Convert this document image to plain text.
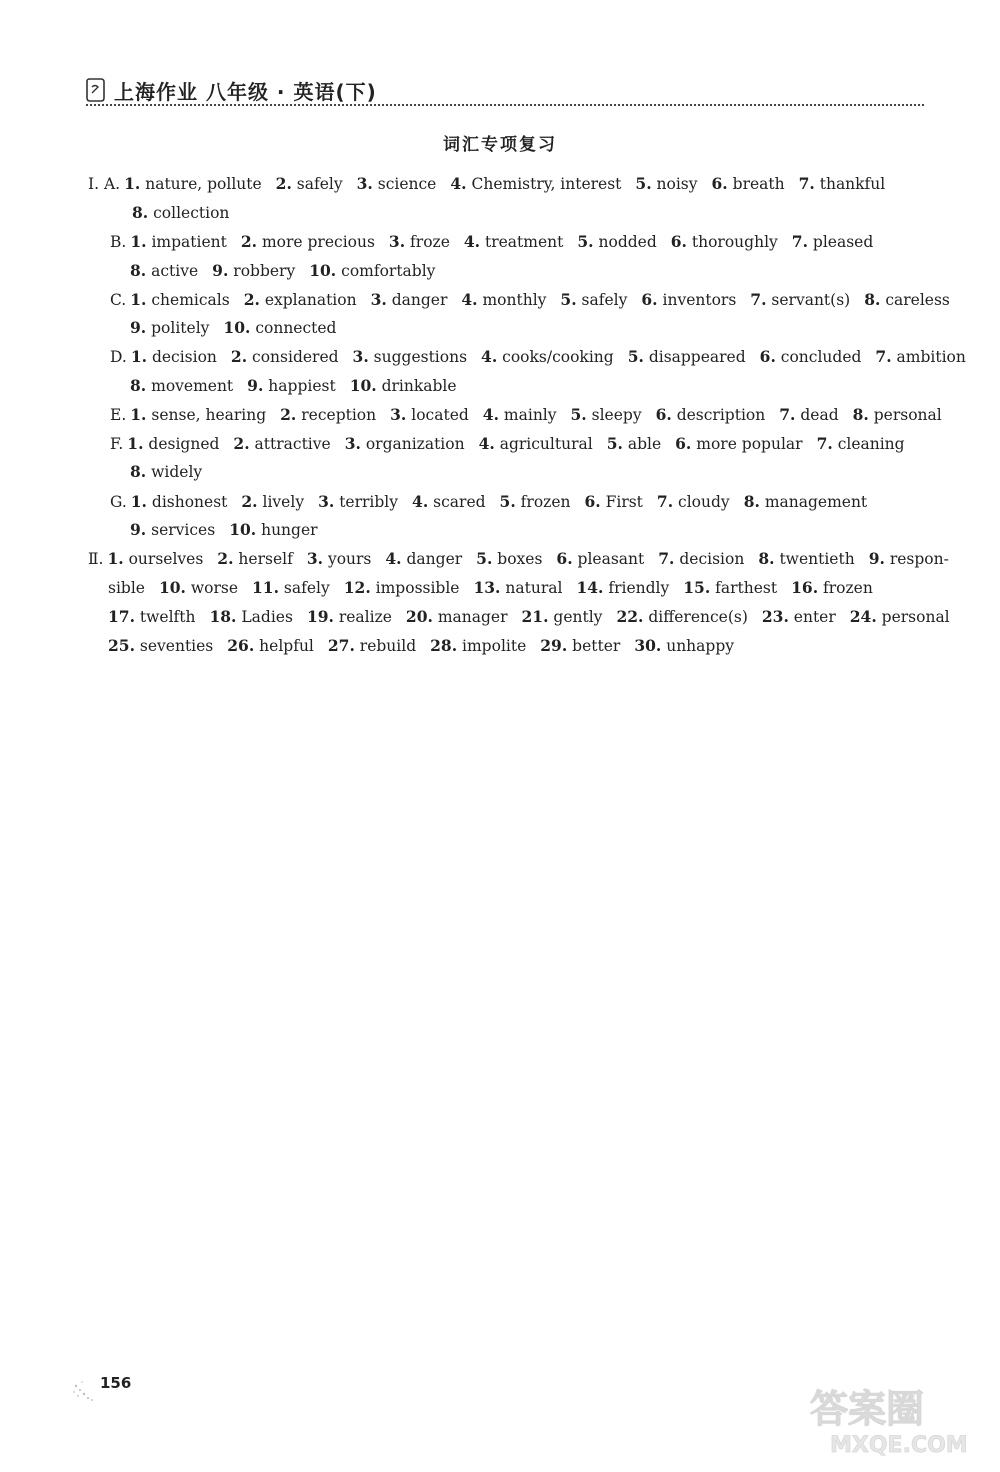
上海作业 八年级 · 英语(下)
词汇专项复习
Ⅰ. A. 1. nature, pollute 2. safely 3. science 4. Chemistry, interest 5. noisy 6. breath 7. thankful
8. collection
B. 1. impatient 2. more precious 3. froze 4. treatment 5. nodded 6. thoroughly 7. pleased
8. active 9. robbery 10. comfortably
C. 1. chemicals 2. explanation 3. danger 4. monthly 5. safely 6. inventors 7. servant(s) 8. careless
9. politely 10. connected
D. 1. decision 2. considered 3. suggestions 4. cooks/cooking 5. disappeared 6. concluded 7. ambition
8. movement 9. happiest 10. drinkable
E. 1. sense, hearing 2. reception 3. located 4. mainly 5. sleepy 6. description 7. dead 8. personal
F. 1. designed 2. attractive 3. organization 4. agricultural 5. able 6. more popular 7. cleaning
8. widely
G. 1. dishonest 2. lively 3. terribly 4. scared 5. frozen 6. First 7. cloudy 8. management
9. services 10. hunger
Ⅱ. 1. ourselves 2. herself 3. yours 4. danger 5. boxes 6. pleasant 7. decision 8. twentieth 9. respon-
sible 10. worse 11. safely 12. impossible 13. natural 14. friendly 15. farthest 16. frozen
17. twelfth 18. Ladies 19. realize 20. manager 21. gently 22. difference(s) 23. enter 24. personal
25. seventies 26. helpful 27. rebuild 28. impolite 29. better 30. unhappy
156
答案圈
MXQE.COM
